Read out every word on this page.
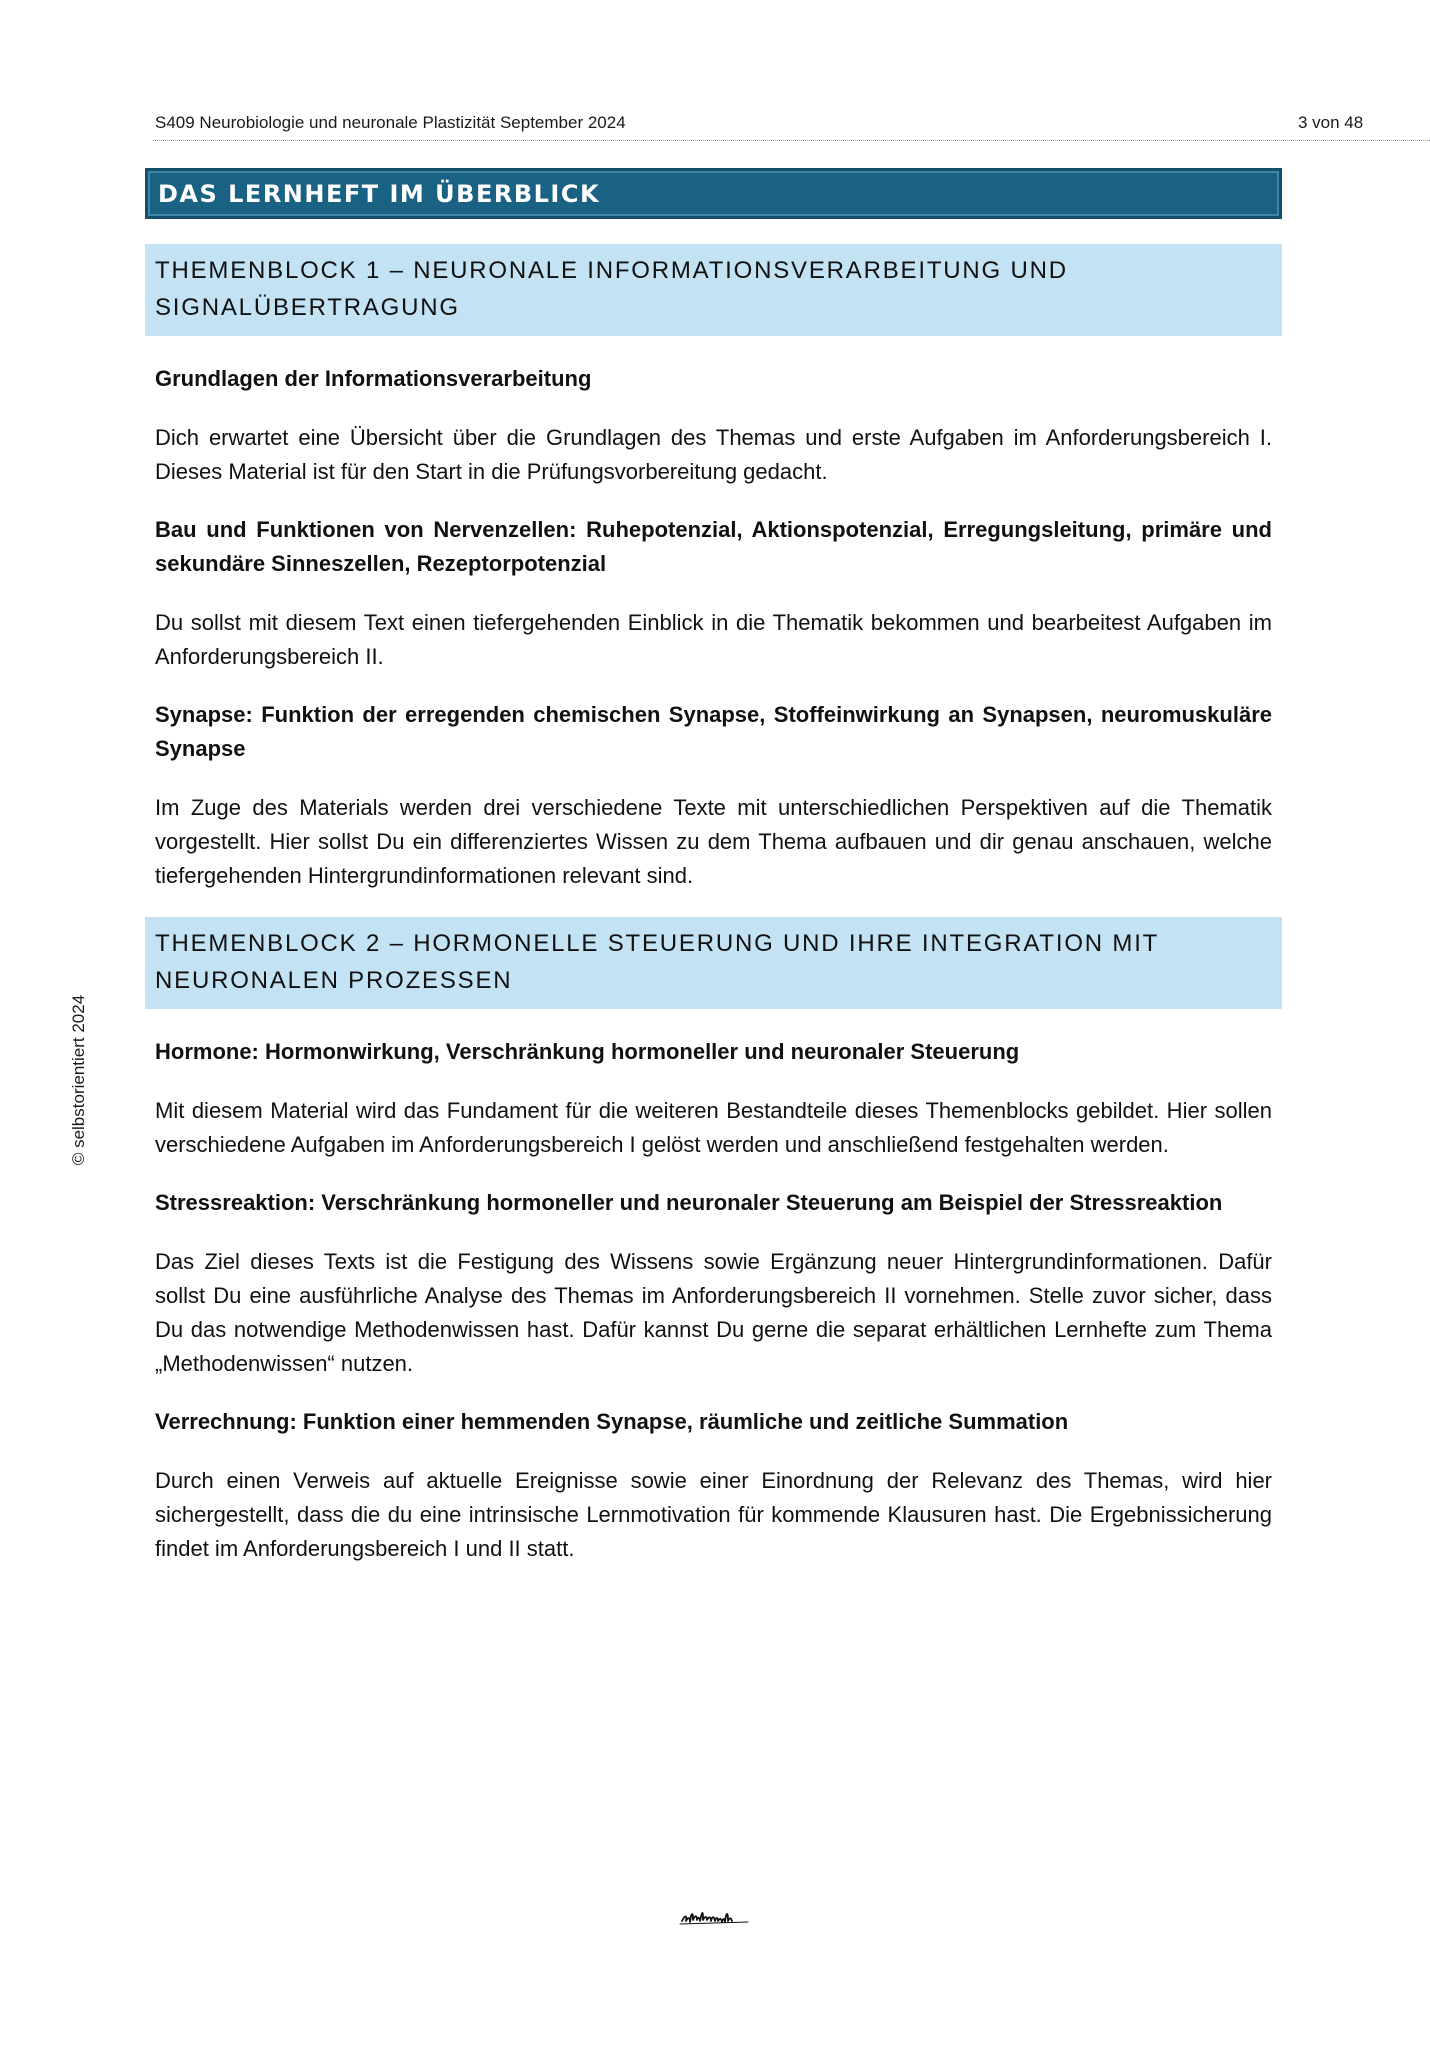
S409 Neurobiologie und neuronale Plastizität September 2024	3 von 48
© selbstorientiert 2024
DAS LERNHEFT IM ÜBERBLICK
THEMENBLOCK 1 – NEURONALE INFORMATIONSVERARBEITUNG UND SIGNALÜBERTRAGUNG

Grundlagen der Informationsverarbeitung

Dich erwartet eine Übersicht über die Grundlagen des Themas und erste Aufgaben im Anforderungsbereich I. Dieses Material ist für den Start in die Prüfungsvorbereitung gedacht.

Bau und Funktionen von Nervenzellen: Ruhepotenzial, Aktionspotenzial, Erregungsleitung, primäre und sekundäre Sinneszellen, Rezeptorpotenzial

Du sollst mit diesem Text einen tiefergehenden Einblick in die Thematik bekommen und bearbeitest Aufgaben im Anforderungsbereich II.

Synapse: Funktion der erregenden chemischen Synapse, Stoffeinwirkung an Synapsen, neuromuskuläre Synapse

Im Zuge des Materials werden drei verschiedene Texte mit unterschiedlichen Perspektiven auf die Thematik vorgestellt. Hier sollst Du ein differenziertes Wissen zu dem Thema aufbauen und dir genau anschauen, welche tiefergehenden Hintergrundinformationen relevant sind.

THEMENBLOCK 2 – HORMONELLE STEUERUNG UND IHRE INTEGRATION MIT NEURONALEN PROZESSEN

Hormone: Hormonwirkung, Verschränkung hormoneller und neuronaler Steuerung

Mit diesem Material wird das Fundament für die weiteren Bestandteile dieses Themenblocks gebildet. Hier sollen verschiedene Aufgaben im Anforderungsbereich I gelöst werden und anschließend festgehalten werden.

Stressreaktion: Verschränkung hormoneller und neuronaler Steuerung am Beispiel der Stressreaktion

Das Ziel dieses Texts ist die Festigung des Wissens sowie Ergänzung neuer Hintergrundinformationen. Dafür sollst Du eine ausführliche Analyse des Themas im Anforderungsbereich II vornehmen. Stelle zuvor sicher, dass Du das notwendige Methodenwissen hast. Dafür kannst Du gerne die separat erhältlichen Lernhefte zum Thema „Methodenwissen“ nutzen.

Verrechnung: Funktion einer hemmenden Synapse, räumliche und zeitliche Summation

Durch einen Verweis auf aktuelle Ereignisse sowie einer Einordnung der Relevanz des Themas, wird hier sichergestellt, dass die du eine intrinsische Lernmotivation für kommende Klausuren hast. Die Ergebnissicherung findet im Anforderungsbereich I und II statt.
